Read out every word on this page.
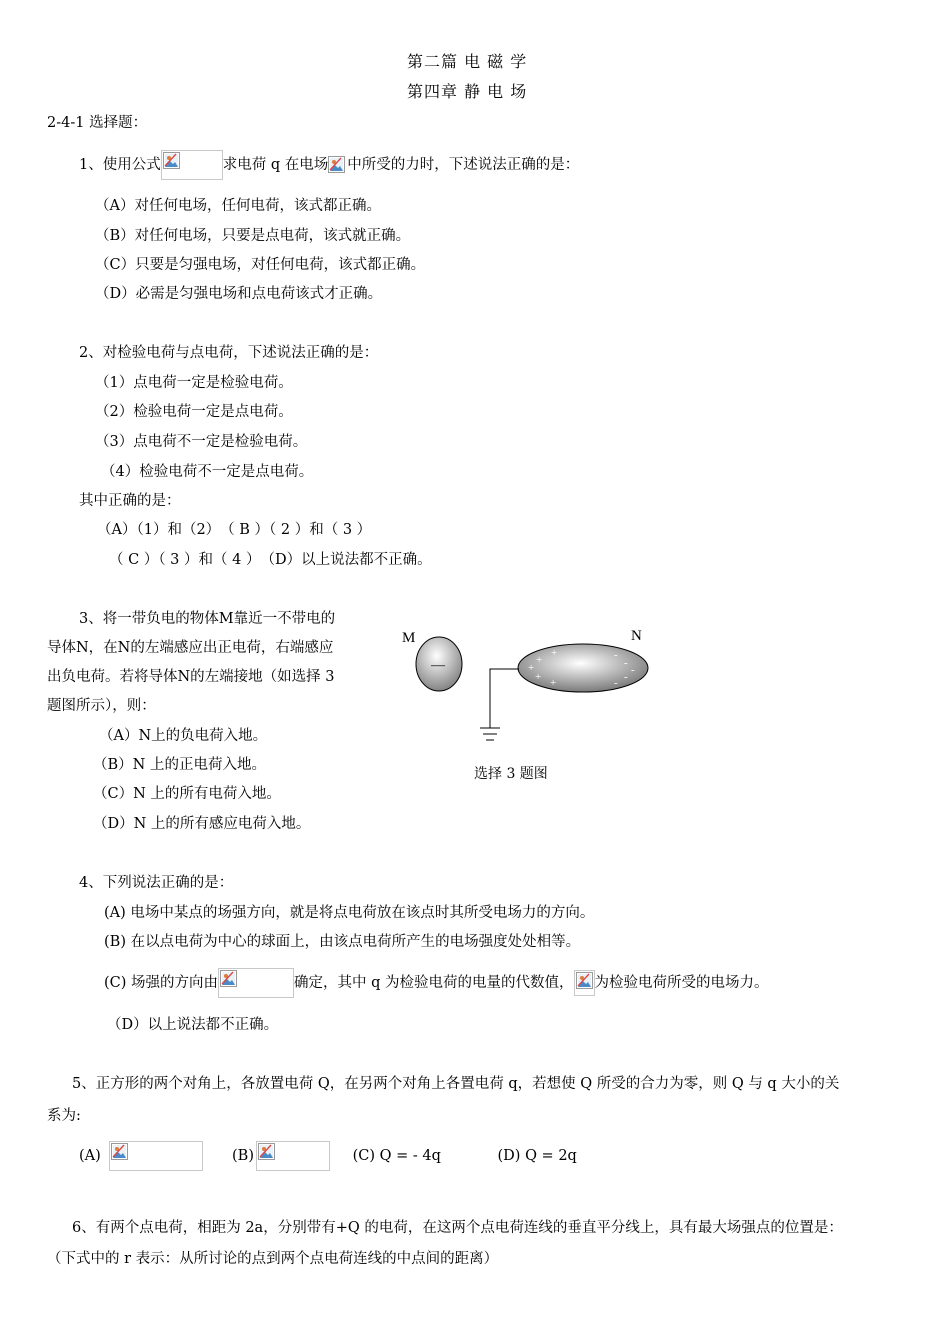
第二篇 电 磁 学
第四章 静 电 场
2-4-1 选择题：
1、使用公式	求电荷 q 在电场 中所受的力时，下述说法正确的是：
（A）对任何电场，任何电荷，该式都正确。
（B）对任何电场，只要是点电荷，该式就正确。
（C）只要是匀强电场，对任何电荷，该式都正确。
（D）必需是匀强电场和点电荷该式才正确。
2、对检验电荷与点电荷，下述说法正确的是：
（1）点电荷一定是检验电荷。
（2）检验电荷一定是点电荷。
（3）点电荷不一定是检验电荷。
（4）检验电荷不一定是点电荷。
其中正确的是：
（A）（1）和（2）　（ B ）（ 2 ）和（ 3 ）
（ C ）（ 3 ）和（ 4 ）　（D）以上说法都不正确。
3、将一带负电的物体M靠近一不带电的
导体N，在N的左端感应出正电荷，右端感应
出负电荷。若将导体N的左端接地（如选择 3
题图所示），则：
（A）N上的负电荷入地。
（B）N 上的正电荷入地。
（C）N 上的所有电荷入地。
（D）N 上的所有感应电荷入地。
M	N
—
+
+
+
+ +
-
-
-
-
-
选择 3 题图
4、下列说法正确的是：
(A) 电场中某点的场强方向，就是将点电荷放在该点时其所受电场力的方向。
(B) 在以点电荷为中心的球面上，由该点电荷所产生的电场强度处处相等。
(C) 场强的方向由	确定，其中 q 为检验电荷的电量的代数值， 为检验电荷所受的电场力。
（D）以上说法都不正确。
5、正方形的两个对角上，各放置电荷 Q，在另两个对角上各置电荷 q，若想使 Q 所受的合力为零，则 Q 与 q 大小的关
系为:
(A)	(B)	(C) Q = - 4q	(D) Q = 2q
6、有两个点电荷，相距为 2a，分别带有+Q 的电荷，在这两个点电荷连线的垂直平分线上，具有最大场强点的位置是：
（下式中的 r 表示：从所讨论的点到两个点电荷连线的中点间的距离）
